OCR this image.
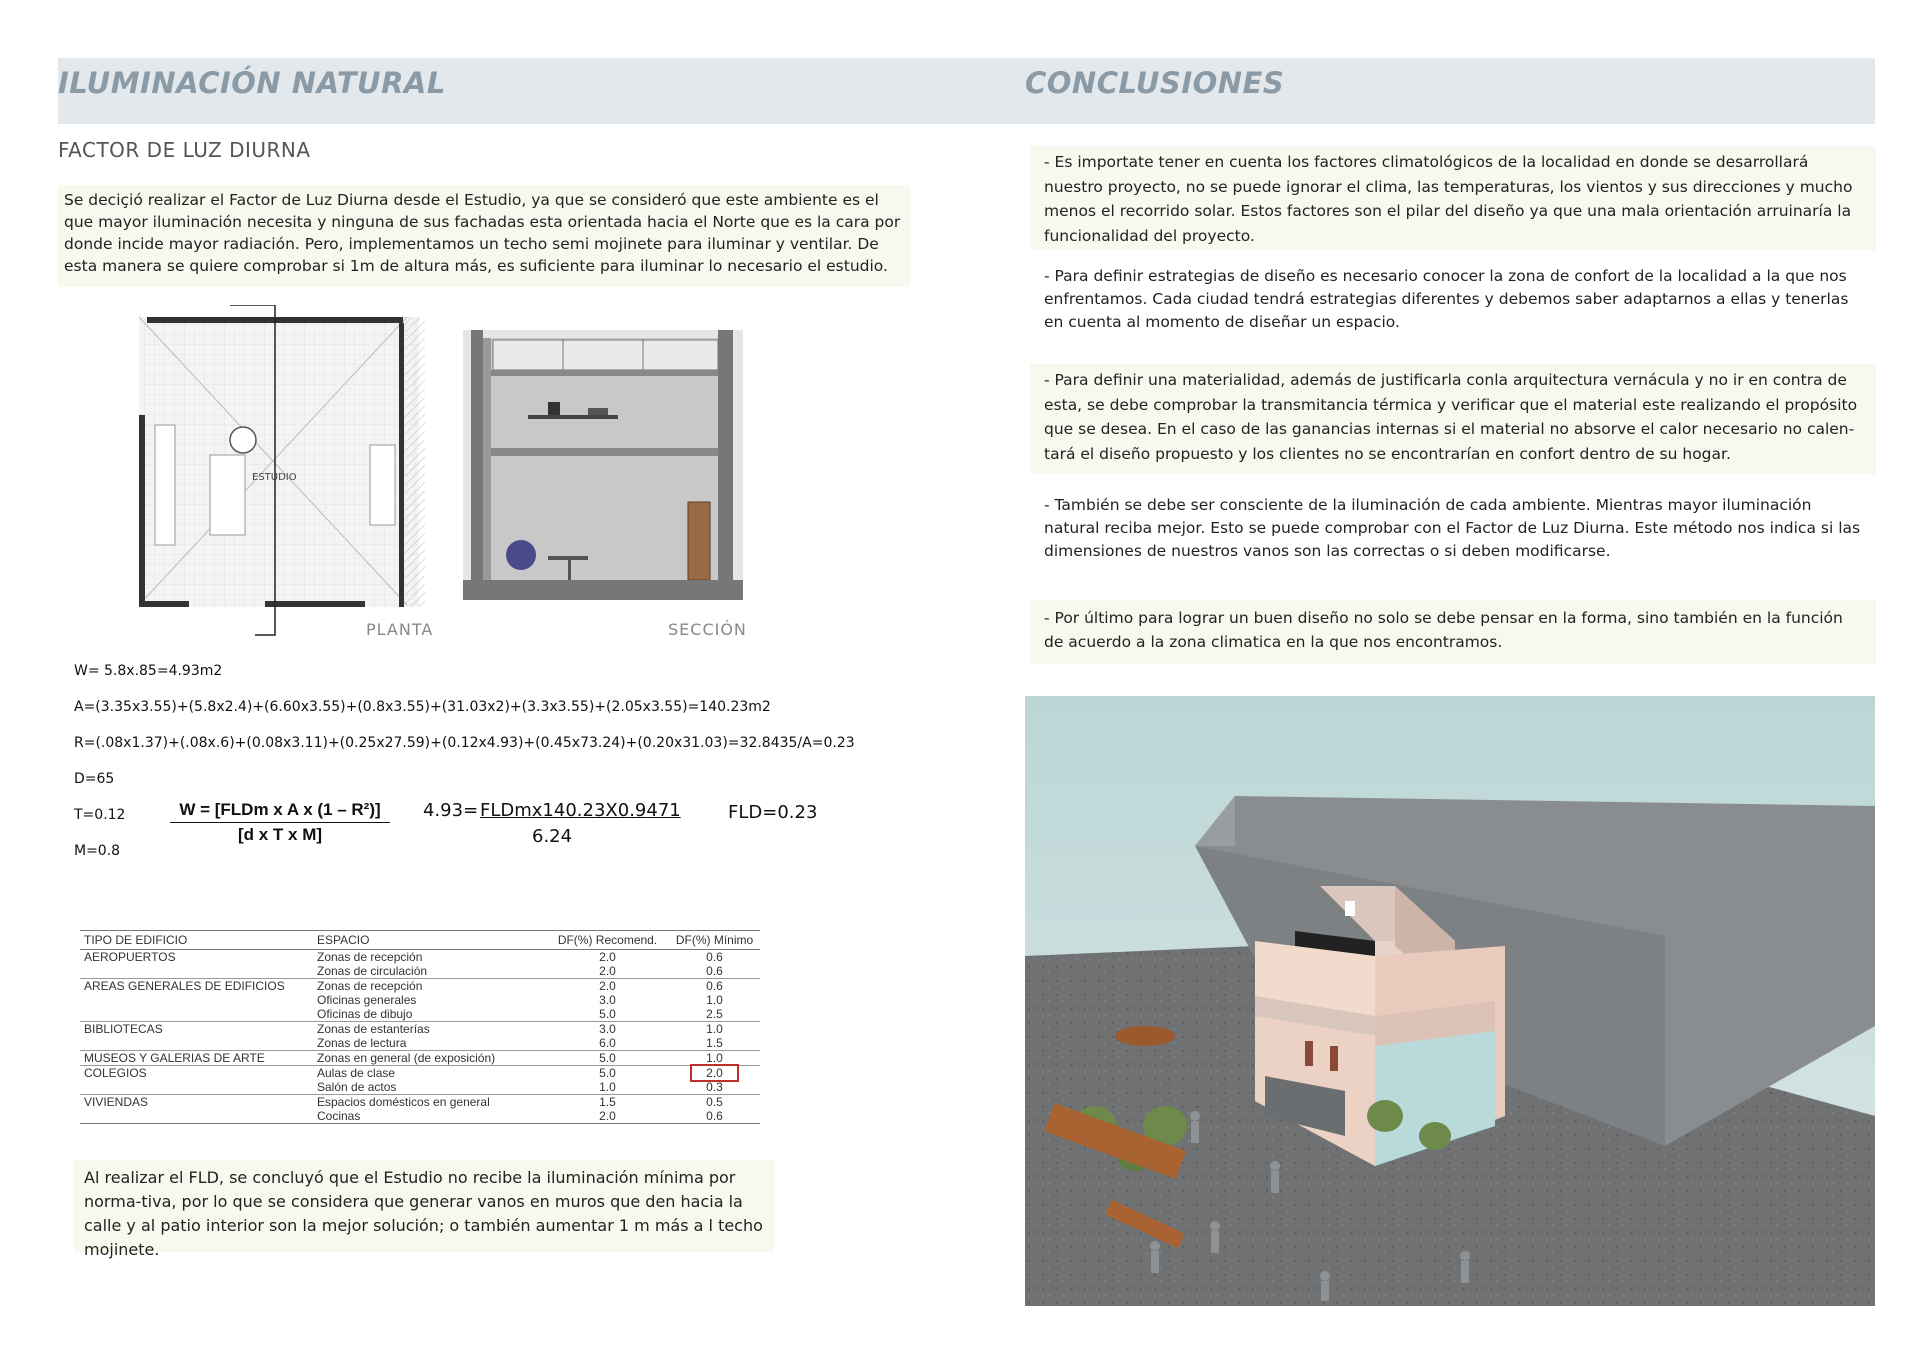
ILUMINACIÓN NATURAL	CONCLUSIONES
FACTOR DE LUZ DIURNA
Se deciçió realizar el Factor de Luz Diurna desde el Estudio, ya que se consideró que este ambiente es el que mayor iluminación necesita y ninguna de sus fachadas esta orientada hacia el Norte que es la cara por donde incide mayor radiación. Pero, implementamos un techo semi mojinete para iluminar y ventilar. De esta manera se quiere comprobar si 1m de altura más, es suficiente para iluminar lo necesario el estudio.
ESTUDIO
PLANTA	SECCIÓN
W= 5.8x.85=4.93m2
A=(3.35x3.55)+(5.8x2.4)+(6.60x3.55)+(0.8x3.55)+(31.03x2)+(3.3x3.55)+(2.05x3.55)=140.23m2
R=(.08x1.37)+(.08x.6)+(0.08x3.11)+(0.25x27.59)+(0.12x4.93)+(0.45x73.24)+(0.20x31.03)=32.8435/A=0.23
D=65
T=0.12
M=0.8
W = [FLDm x A x (1 – R²)]
[d x T x M]
4.93= FLDmx140.23X0.9471
6.24
FLD=0.23
TIPO DE EDIFICIO	ESPACIO	DF(%) Recomend.	DF(%) Mínimo
AEROPUERTOS	Zonas de recepción	2.0	0.6
	Zonas de circulación	2.0	0.6
AREAS GENERALES DE EDIFICIOS	Zonas de recepción	2.0	0.6
	Oficinas generales	3.0	1.0
	Oficinas de dibujo	5.0	2.5
BIBLIOTECAS	Zonas de estanterías	3.0	1.0
	Zonas de lectura	6.0	1.5
MUSEOS Y GALERIAS DE ARTE	Zonas en general (de exposición)	5.0	1.0
COLEGIOS	Aulas de clase	5.0	2.0
	Salón de actos	1.0	0.3
VIVIENDAS	Espacios domésticos en general	1.5	0.5
	Cocinas	2.0	0.6
Al realizar el FLD, se concluyó que el Estudio no recibe la iluminación mínima por norma-tiva, por lo que se considera que generar vanos en muros que den hacia la calle y al patio interior son la mejor solución; o también aumentar 1 m más a l techo mojinete.
- Es importate tener en cuenta los factores climatológicos de la localidad en donde se desarrollará nuestro proyecto, no se puede ignorar el clima, las temperaturas, los vientos y sus direcciones y mucho menos el recorrido solar. Estos factores son el pilar del diseño ya que una mala orientación arruinaría la funcionalidad del proyecto.
- Para definir estrategias de diseño es necesario conocer la zona de confort de la localidad a la que nos enfrentamos. Cada ciudad tendrá estrategias diferentes y debemos saber adaptarnos a ellas y tenerlas en cuenta al momento de diseñar un espacio.
- Para definir una materialidad, además de justificarla conla arquitectura vernácula y no ir en contra de esta, se debe comprobar la transmitancia térmica y verificar que el material este realizando el propósito que se desea. En el caso de las ganancias internas si el material no absorve el calor necesario no calen-tará el diseño propuesto y los clientes no se encontrarían en confort dentro de su hogar.
- También se debe ser consciente de la iluminación de cada ambiente. Mientras mayor iluminación natural reciba mejor. Esto se puede comprobar con el Factor de Luz Diurna. Este método nos indica si las dimensiones de nuestros vanos son las correctas o si deben modificarse.
- Por último para lograr un buen diseño no solo se debe pensar en la forma, sino también en la función de acuerdo a la zona climatica en la que nos encontramos.
